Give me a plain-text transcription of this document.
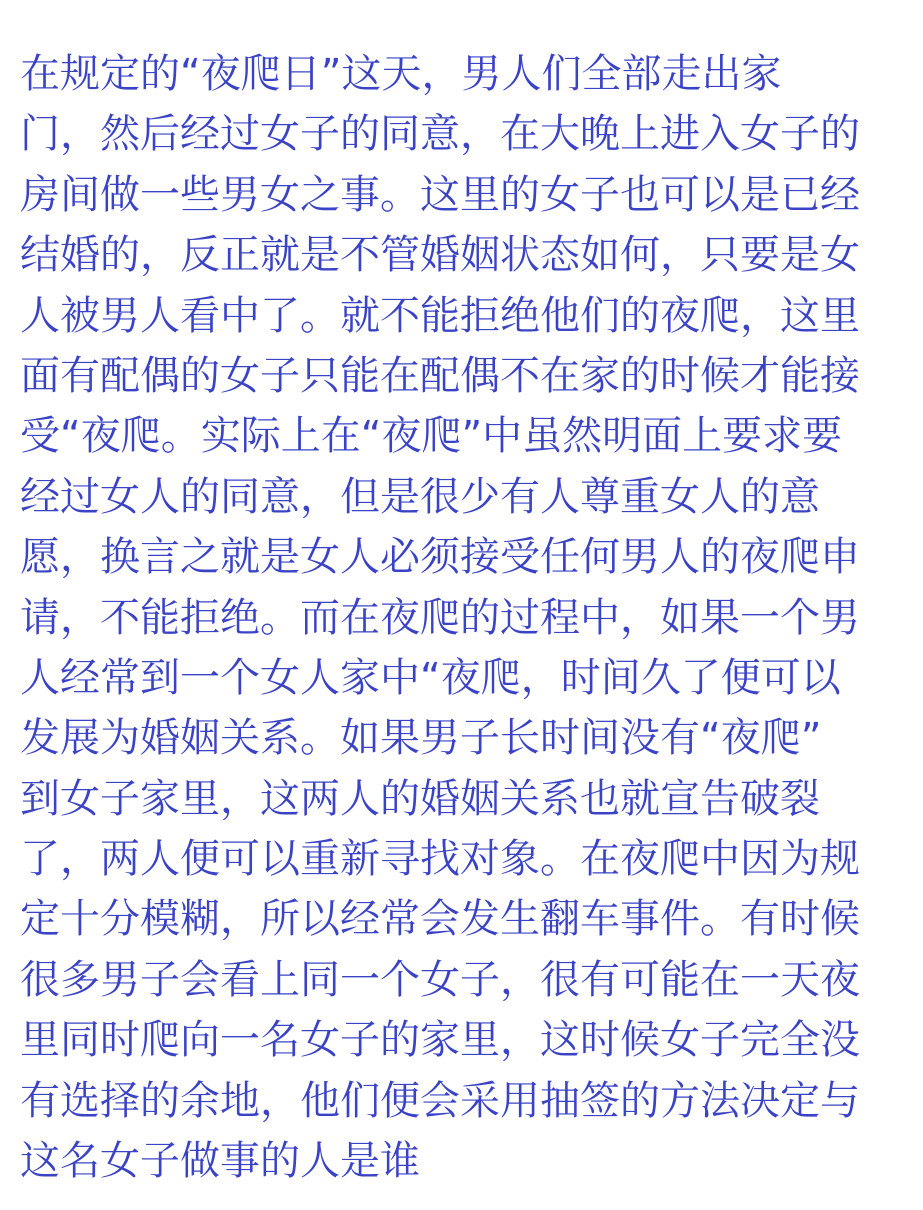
在规定的“夜爬日”这天，男人们全部走出家
门，然后经过女子的同意，在大晚上进入女子的
房间做一些男女之事。这里的女子也可以是已经
结婚的，反正就是不管婚姻状态如何，只要是女
人被男人看中了。就不能拒绝他们的夜爬，这里
面有配偶的女子只能在配偶不在家的时候才能接
受“夜爬。实际上在“夜爬”中虽然明面上要求要
经过女人的同意，但是很少有人尊重女人的意
愿，换言之就是女人必须接受任何男人的夜爬申
请，不能拒绝。而在夜爬的过程中，如果一个男
人经常到一个女人家中“夜爬，时间久了便可以
发展为婚姻关系。如果男子长时间没有“夜爬”
到女子家里，这两人的婚姻关系也就宣告破裂
了，两人便可以重新寻找对象。在夜爬中因为规
定十分模糊，所以经常会发生翻车事件。有时候
很多男子会看上同一个女子，很有可能在一天夜
里同时爬向一名女子的家里，这时候女子完全没
有选择的余地，他们便会采用抽签的方法决定与
这名女子做事的人是谁
